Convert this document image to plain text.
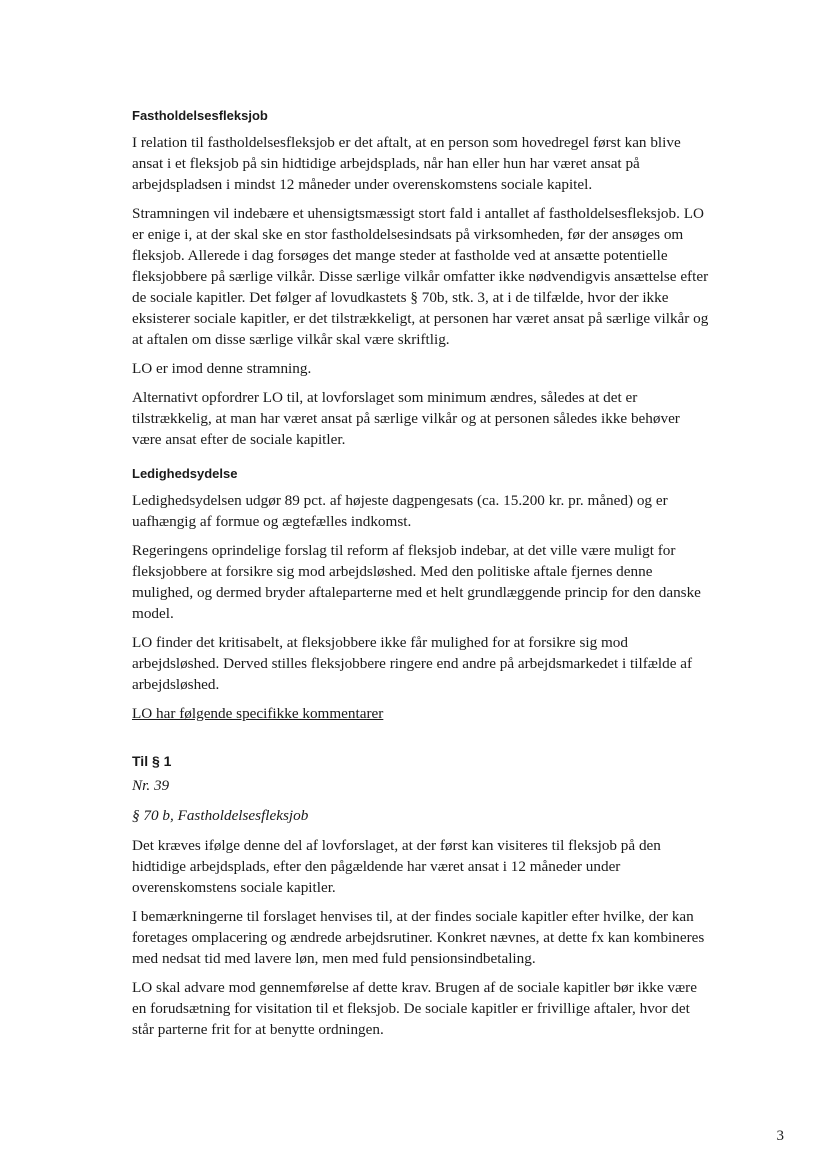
Fastholdelsesfleksjob

I relation til fastholdelsesfleksjob er det aftalt, at en person som hovedregel først kan blive ansat i et fleksjob på sin hidtidige arbejdsplads, når han eller hun har været ansat på arbejdspladsen i mindst 12 måneder under overenskomstens sociale kapitel.

Stramningen vil indebære et uhensigtsmæssigt stort fald i antallet af fastholdelsesfleksjob. LO er enige i, at der skal ske en stor fastholdelsesindsats på virksomheden, før der ansøges om fleksjob. Allerede i dag forsøges det mange steder at fastholde ved at ansætte potentielle fleksjobbere på særlige vilkår. Disse særlige vilkår omfatter ikke nødvendigvis ansættelse efter de sociale kapitler. Det følger af lovudkastets § 70b, stk. 3, at i de tilfælde, hvor der ikke eksisterer sociale kapitler, er det tilstrækkeligt, at personen har været ansat på særlige vilkår og at aftalen om disse særlige vilkår skal være skriftlig.

LO er imod denne stramning.

Alternativt opfordrer LO til, at lovforslaget som minimum ændres, således at det er tilstrækkelig, at man har været ansat på særlige vilkår og at personen således ikke behøver være ansat efter de sociale kapitler.

Ledighedsydelse

Ledighedsydelsen udgør 89 pct. af højeste dagpengesats (ca. 15.200 kr. pr. måned) og er uafhængig af formue og ægtefælles indkomst.

Regeringens oprindelige forslag til reform af fleksjob indebar, at det ville være muligt for fleksjobbere at forsikre sig mod arbejdsløshed. Med den politiske aftale fjernes denne mulighed, og dermed bryder aftaleparterne med et helt grundlæggende princip for den danske model.

LO finder det kritisabelt, at fleksjobbere ikke får mulighed for at forsikre sig mod arbejdsløshed. Derved stilles fleksjobbere ringere end andre på arbejdsmarkedet i tilfælde af arbejdsløshed.

LO har følgende specifikke kommentarer

Til § 1

Nr. 39

§ 70 b, Fastholdelsesfleksjob

Det kræves ifølge denne del af lovforslaget, at der først kan visiteres til fleksjob på den hidtidige arbejdsplads, efter den pågældende har været ansat i 12 måneder under overenskomstens sociale kapitler.

I bemærkningerne til forslaget henvises til, at der findes sociale kapitler efter hvilke, der kan foretages omplacering og ændrede arbejdsrutiner. Konkret nævnes, at dette fx kan kombineres med nedsat tid med lavere løn, men med fuld pensionsindbetaling.

LO skal advare mod gennemførelse af dette krav. Brugen af de sociale kapitler bør ikke være en forudsætning for visitation til et fleksjob. De sociale kapitler er frivillige aftaler, hvor det står parterne frit for at benytte ordningen.

3
